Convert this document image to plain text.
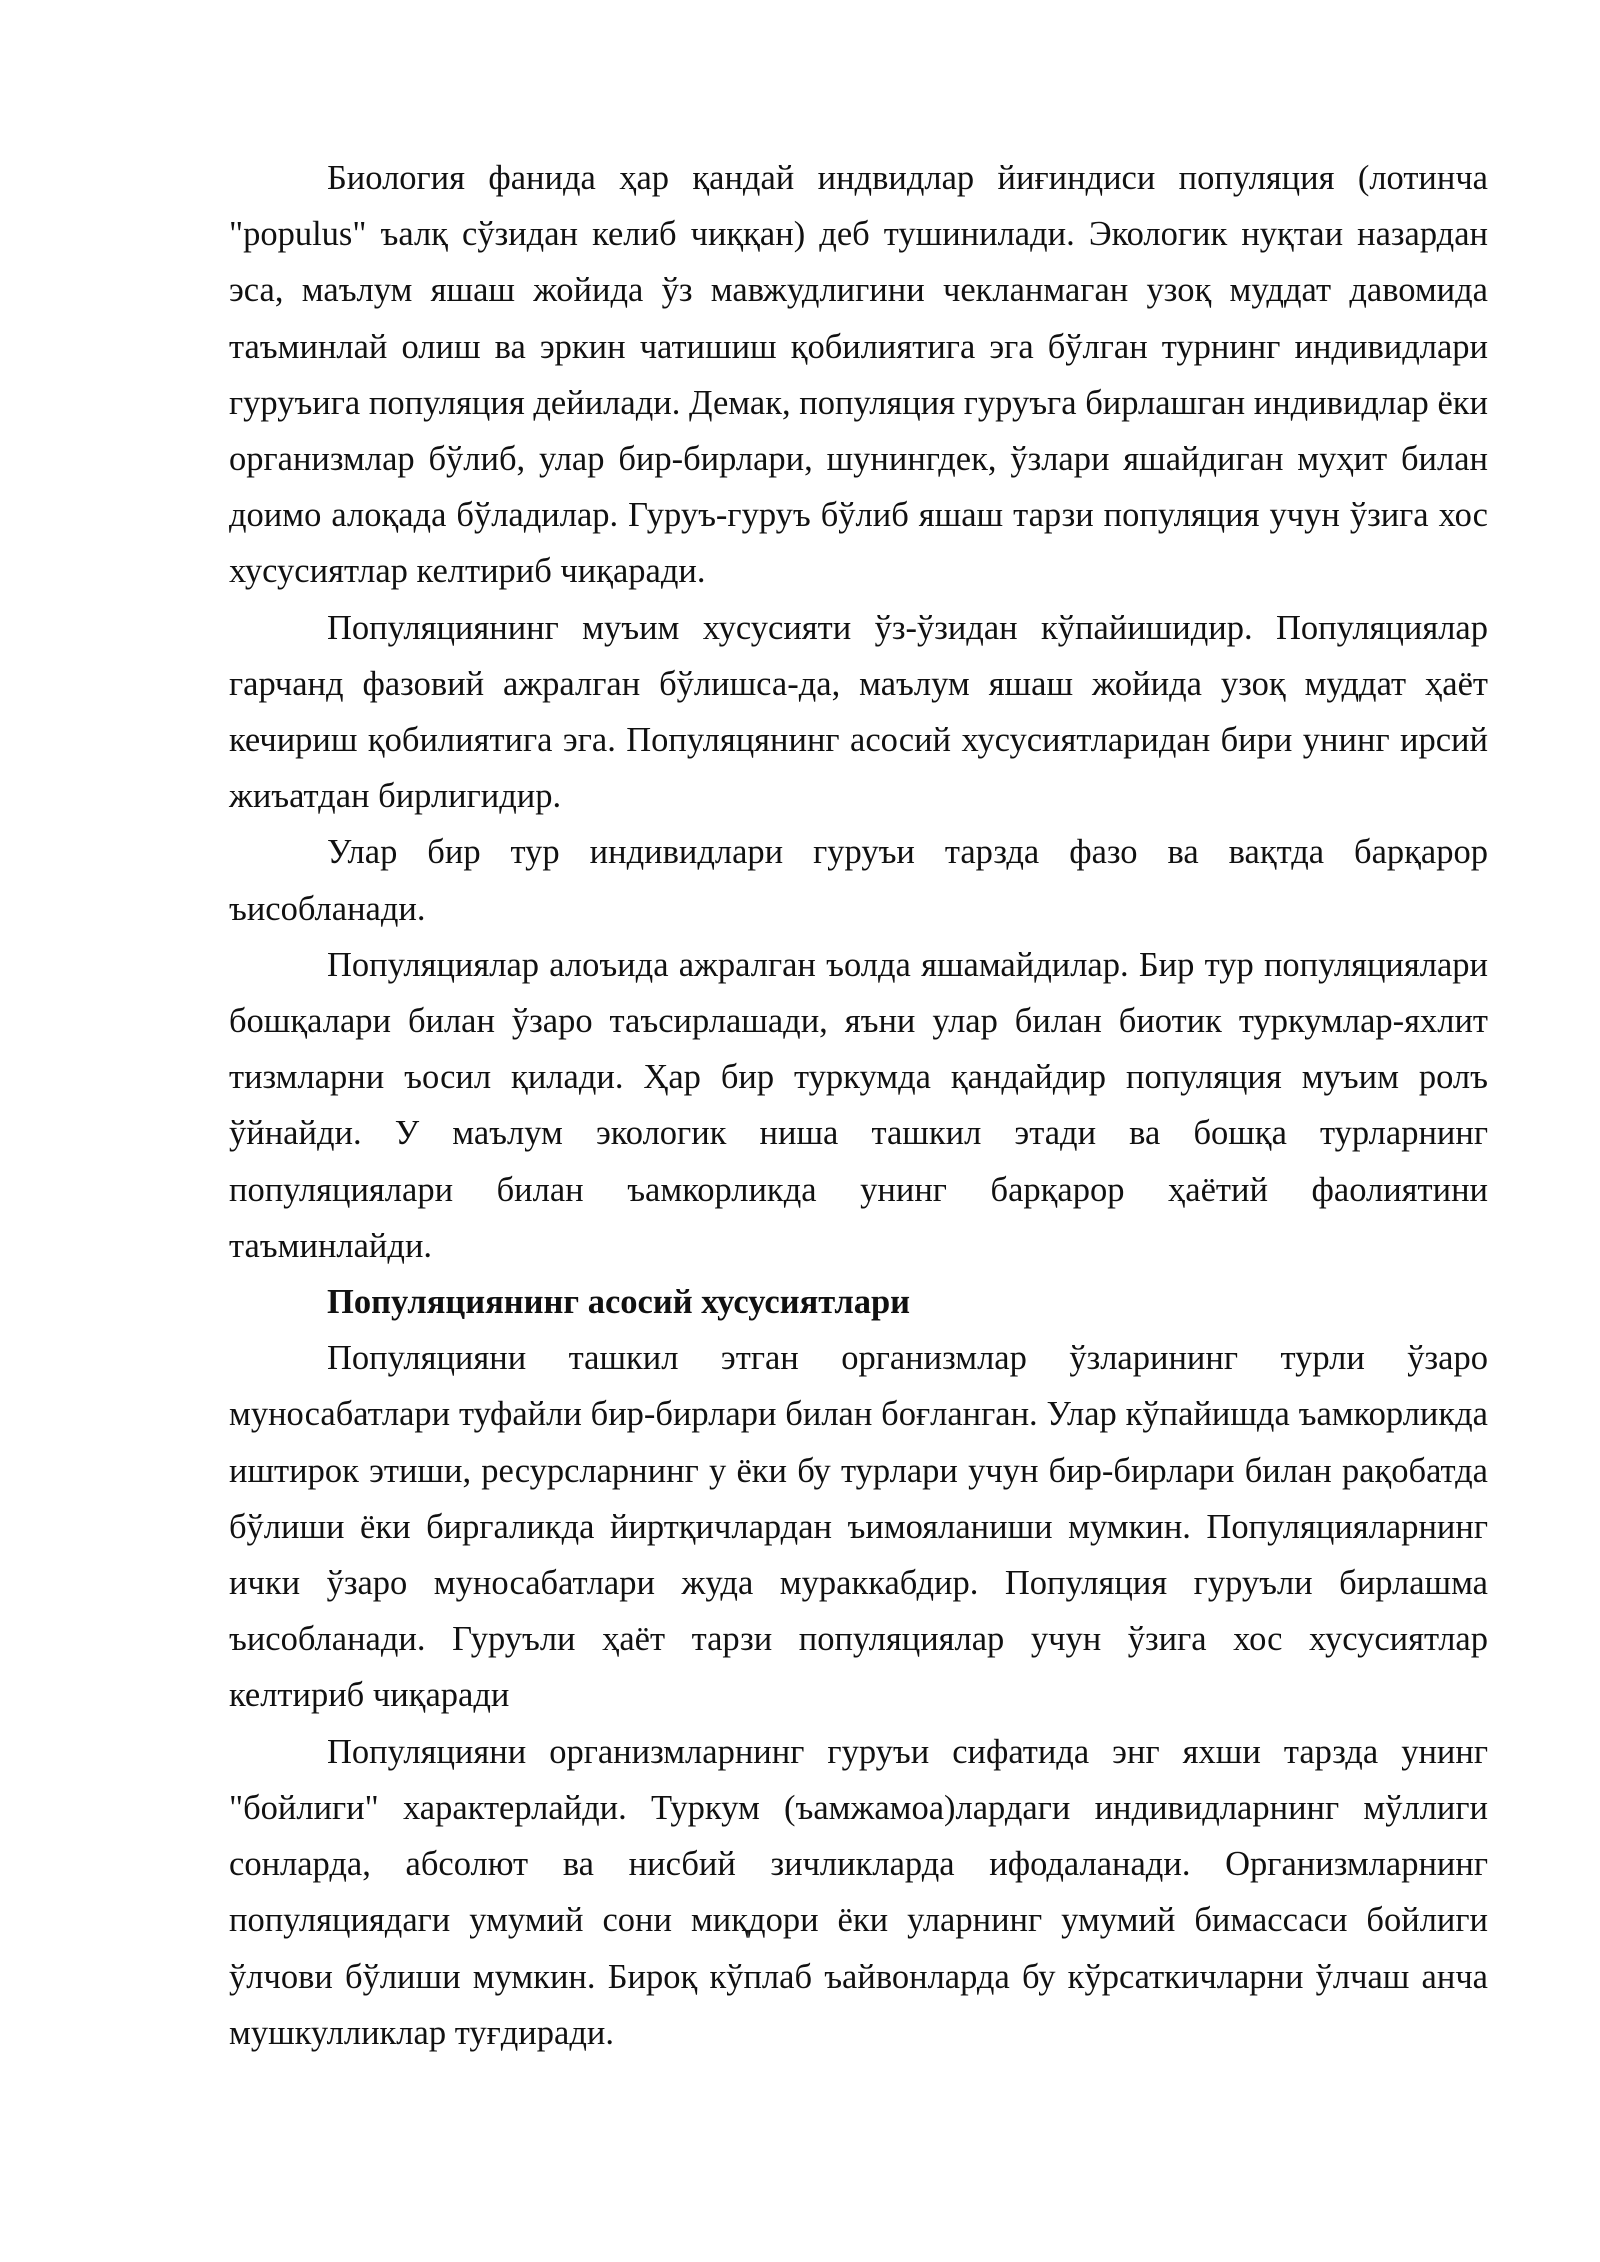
Биология фанида ҳар қандай индвидлар йиғиндиси популяция (лотинча "populus" ъалқ сўзидан келиб чиққан) деб тушинилади. Экологик нуқтаи назардан эса, маълум яшаш жойида ўз мавжудлигини чекланмаган узоқ муддат давомида таъминлай олиш ва эркин чатишиш қобилиятига эга бўлган турнинг индивидлари гуруъига популяция дейилади. Демак, популяция гуруъга бирлашган индивидлар ёки организмлар бўлиб, улар бир-бирлари, шунингдек, ўзлари яшайдиган муҳит билан доимо алоқада бўладилар. Гуруъ-гуруъ бўлиб яшаш тарзи популяция учун ўзига хос хусусиятлар келтириб чиқаради.

Популяциянинг муъим хусусияти ўз-ўзидан кўпайишидир. Популяциялар гарчанд фазовий ажралган бўлишса-да, маълум яшаш жойида узоқ муддат ҳаёт кечириш қобилиятига эга. Популяцянинг асосий хусусиятларидан бири унинг ирсий жиъатдан бирлигидир.

Улар бир тур индивидлари гуруъи тарзда фазо ва вақтда барқарор ъисобланади.

Популяциялар алоъида ажралган ъолда яшамайдилар. Бир тур популяциялари бошқалари билан ўзаро таъсирлашади, яъни улар билан биотик туркумлар-яхлит тизмларни ъосил қилади. Ҳар бир туркумда қандайдир популяция муъим ролъ ўйнайди. У маълум экологик ниша ташкил этади ва бошқа турларнинг популяциялари билан ъамкорликда унинг барқарор ҳаётий фаолиятини таъминлайди.

Популяциянинг асосий хусусиятлари

Популяцияни ташкил этган организмлар ўзларининг турли ўзаро муносабатлари туфайли бир-бирлари билан боғланган. Улар кўпайишда ъамкорликда иштирок этиши, ресурсларнинг у ёки бу турлари учун бир-бирлари билан рақобатда бўлиши ёки биргаликда йиртқичлардан ъимояланиши мумкин. Популяцияларнинг ички ўзаро муносабатлари жуда мураккабдир. Популяция гуруъли бирлашма ъисобланади. Гуруъли ҳаёт тарзи популяциялар учун ўзига хос хусусиятлар келтириб чиқаради

Популяцияни организмларнинг гуруъи сифатида энг яхши тарзда унинг "бойлиги" характерлайди. Туркум (ъамжамоа)лардаги индивидларнинг мўллиги сонларда, абсолют ва нисбий зичликларда ифодаланади. Организмларнинг популяциядаги умумий сони миқдори ёки уларнинг умумий бимассаси бойлиги ўлчови бўлиши мумкин. Бироқ кўплаб ъайвонларда бу кўрсаткичларни ўлчаш анча мушкулликлар туғдиради.
